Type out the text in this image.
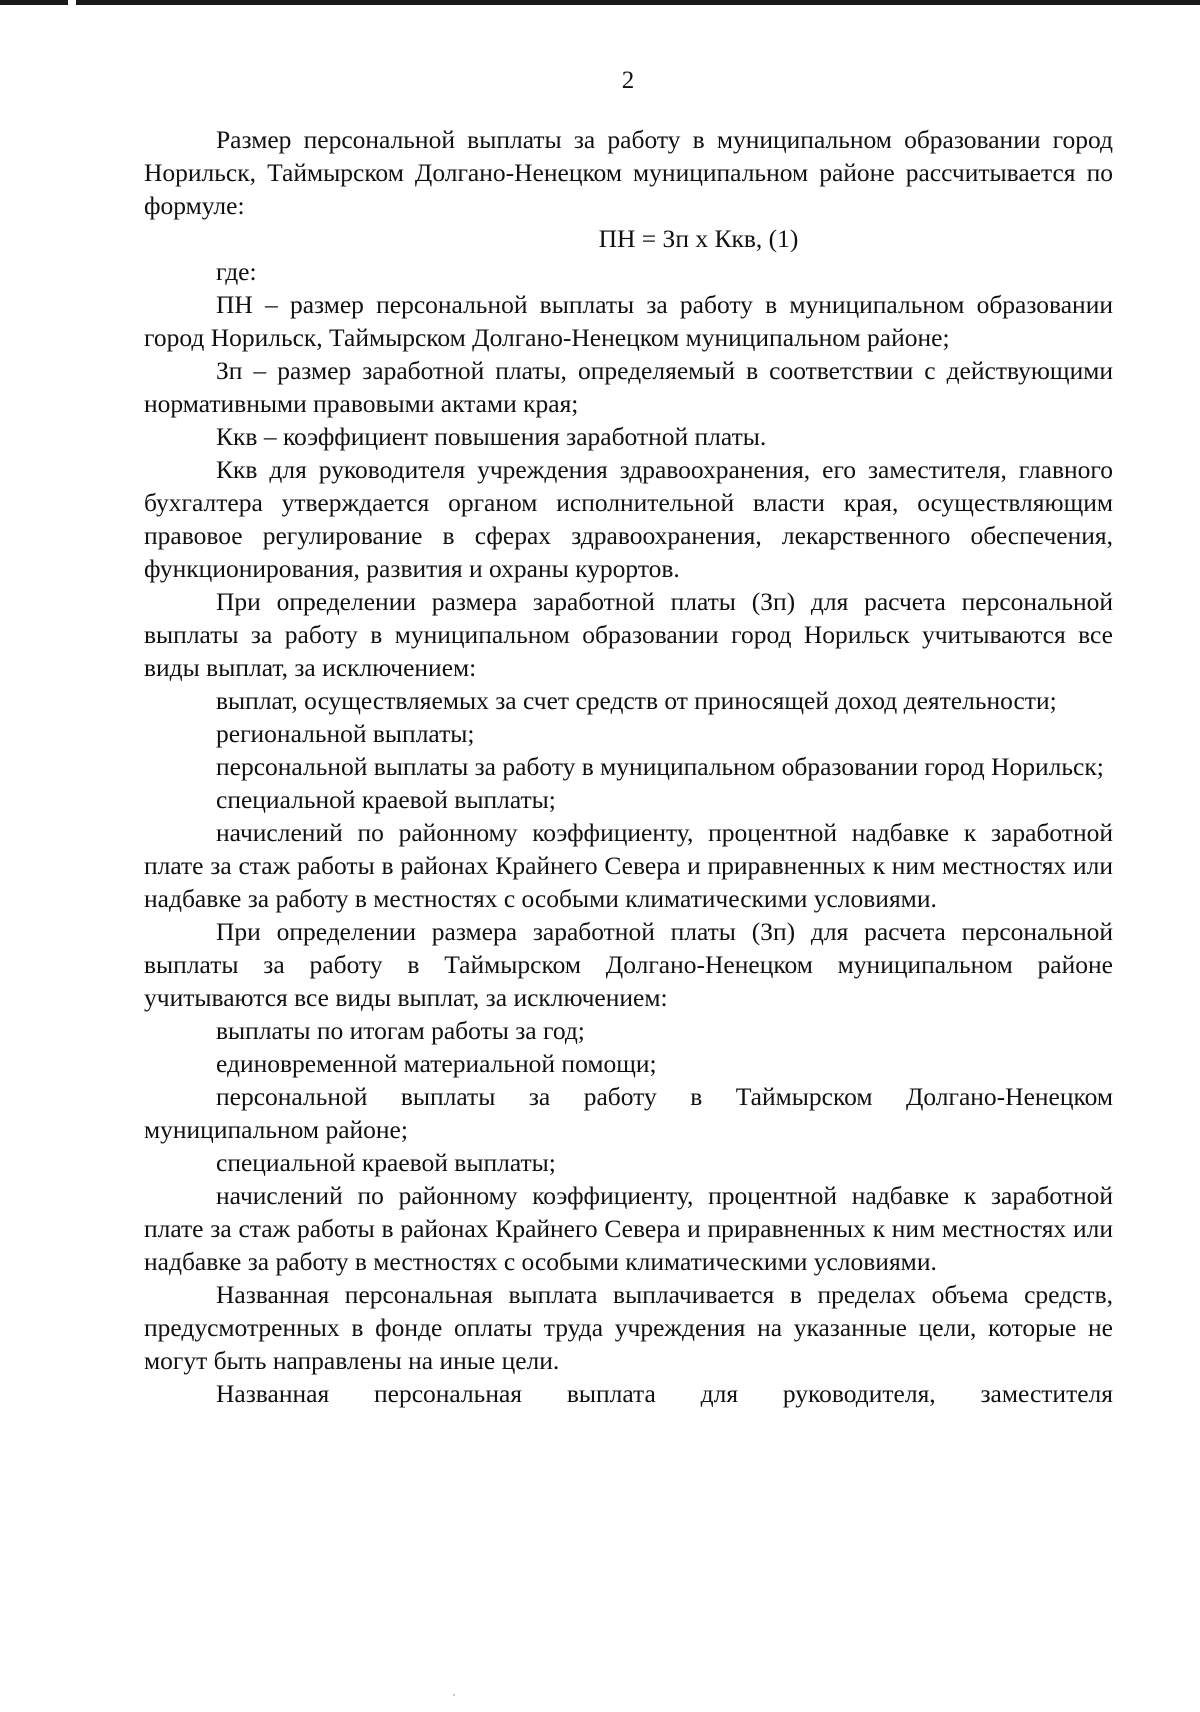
2

Размер персональной выплаты за работу в муниципальном образовании город Норильск, Таймырском Долгано-Ненецком муниципальном районе рассчитывается по формуле:

ПН = Зп х Ккв, (1)

где:

ПН – размер персональной выплаты за работу в муниципальном образовании город Норильск, Таймырском Долгано-Ненецком муниципальном районе;

Зп – размер заработной платы, определяемый в соответствии с действующими нормативными правовыми актами края;

Ккв – коэффициент повышения заработной платы.

Ккв для руководителя учреждения здравоохранения, его заместителя, главного бухгалтера утверждается органом исполнительной власти края, осуществляющим правовое регулирование в сферах здравоохранения, лекарственного обеспечения, функционирования, развития и охраны курортов.

При определении размера заработной платы (Зп) для расчета персональной выплаты за работу в муниципальном образовании город Норильск учитываются все виды выплат, за исключением:

выплат, осуществляемых за счет средств от приносящей доход деятельности;

региональной выплаты;

персональной выплаты за работу в муниципальном образовании город Норильск;

специальной краевой выплаты;

начислений по районному коэффициенту, процентной надбавке к заработной плате за стаж работы в районах Крайнего Севера и приравненных к ним местностях или надбавке за работу в местностях с особыми климатическими условиями.

При определении размера заработной платы (Зп) для расчета персональной выплаты за работу в Таймырском Долгано-Ненецком муниципальном районе учитываются все виды выплат, за исключением:

выплаты по итогам работы за год;

единовременной материальной помощи;

персональной выплаты за работу в Таймырском Долгано-Ненецком муниципальном районе;

специальной краевой выплаты;

начислений по районному коэффициенту, процентной надбавке к заработной плате за стаж работы в районах Крайнего Севера и приравненных к ним местностях или надбавке за работу в местностях с особыми климатическими условиями.

Названная персональная выплата выплачивается в пределах объема средств, предусмотренных в фонде оплаты труда учреждения на указанные цели, которые не могут быть направлены на иные цели.

Названная персональная выплата для руководителя, заместителя
